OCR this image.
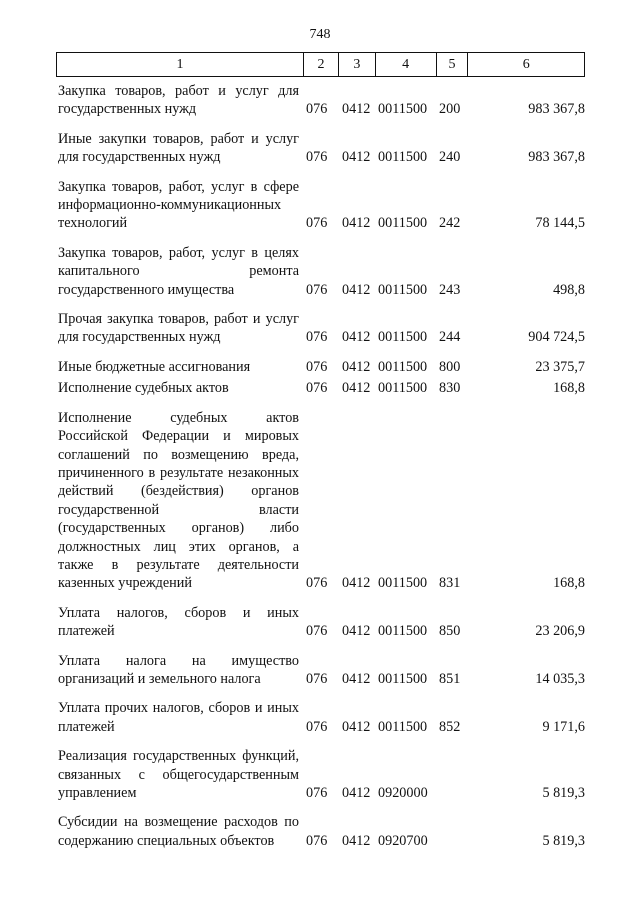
748
1	2	3	4	5	6
Закупка товаров, работ и услуг для государственных нужд	076	0412 0011500 200	983 367,8
Иные закупки товаров, работ и услуг для государственных нужд	076	0412 0011500 240	983 367,8
Закупка товаров, работ, услуг в сфере информационно-коммуникационных технологий	076	0412 0011500 242	78 144,5
Закупка товаров, работ, услуг в целях капитального ремонта государственного имущества	076	0412 0011500 243	498,8
Прочая закупка товаров, работ и услуг для государственных нужд	076	0412 0011500 244	904 724,5
Иные бюджетные ассигнования	076	0412 0011500 800	23 375,7
Исполнение судебных актов	076	0412 0011500 830	168,8
Исполнение судебных актов Российской Федерации и мировых соглашений по возмещению вреда, причиненного в результате незаконных действий (бездействия) органов государственной власти (государственных органов) либо должностных лиц этих органов, а также в результате деятельности казенных учреждений	076	0412 0011500 831	168,8
Уплата налогов, сборов и иных платежей	076	0412 0011500 850	23 206,9
Уплата налога на имущество организаций и земельного налога	076	0412 0011500 851	14 035,3
Уплата прочих налогов, сборов и иных платежей	076	0412 0011500 852	9 171,6
Реализация государственных функций, связанных с общегосударственным управлением	076	0412 0920000	5 819,3
Субсидии на возмещение расходов по содержанию специальных объектов	076	0412 0920700	5 819,3
